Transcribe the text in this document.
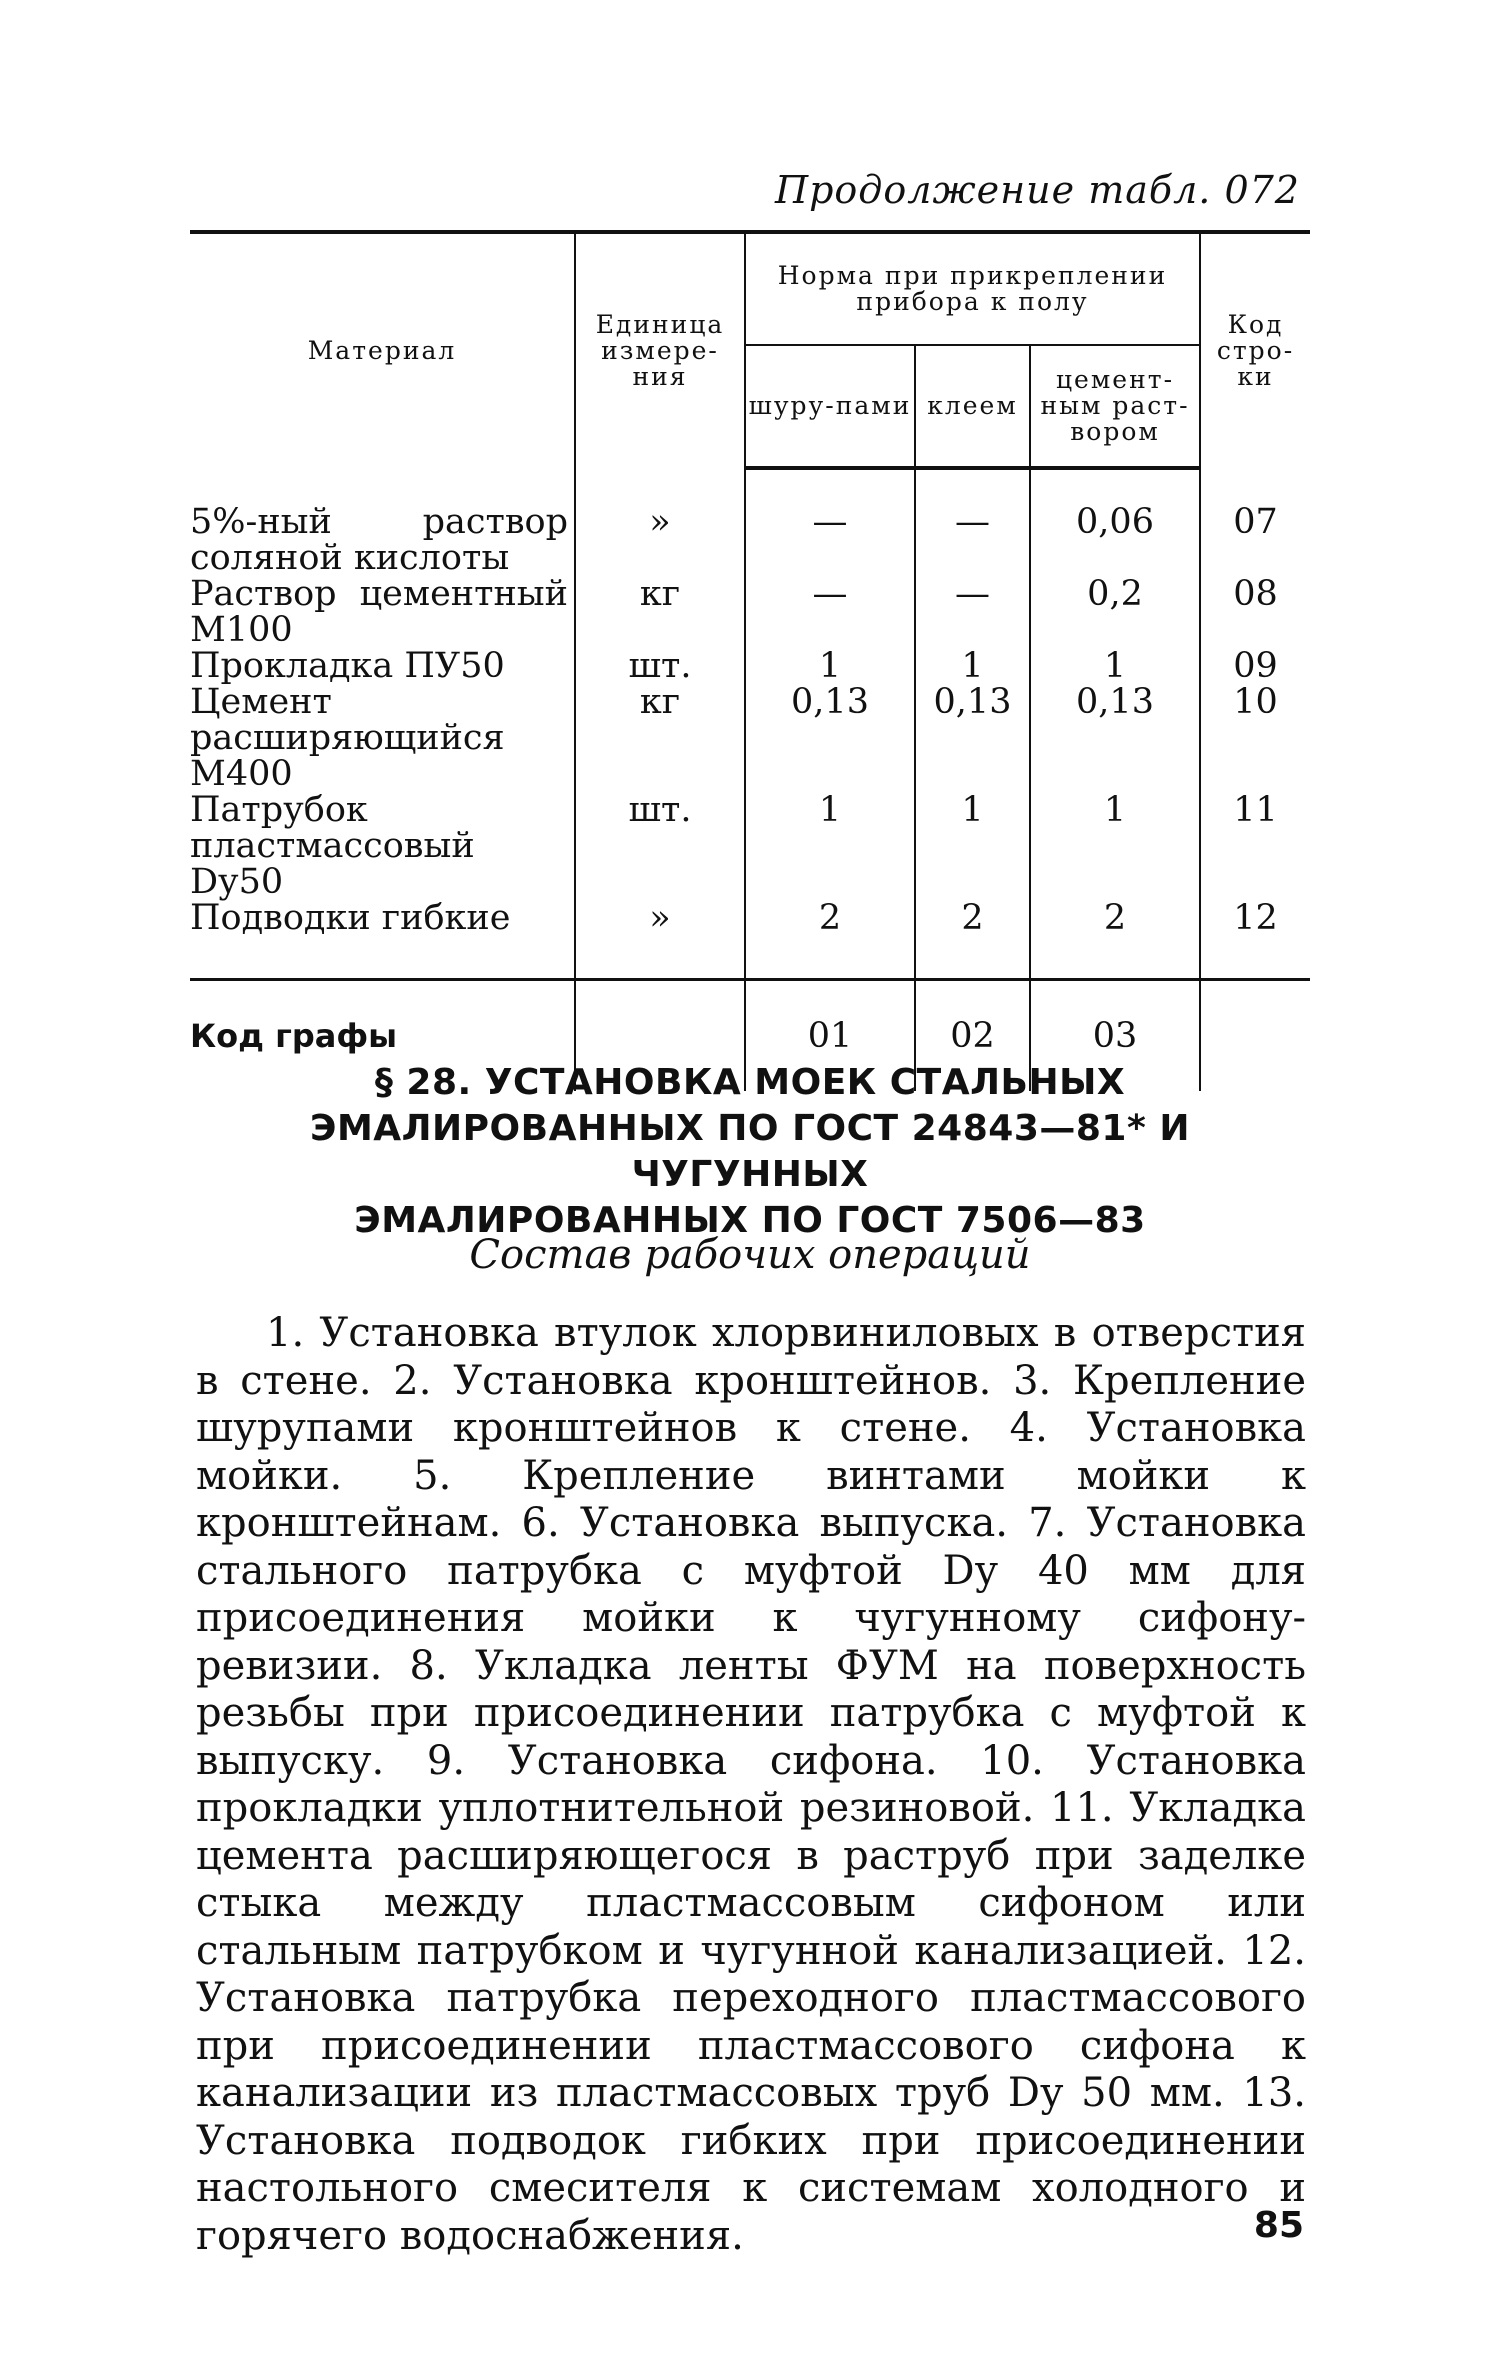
Продолжение табл. 072
Материал	Единица измере-ния	Норма при прикреплении прибора к полу			Код стро-ки
		шуру-пами	клеем	цемент-ным раст-вором	

5%-ный раствор соляной кислоты	»	—	—	0,06	07
Раствор цементный М100	кг	—	—	0,2	08
Прокладка ПУ50	шт.	1	1	1	09
Цемент расширяющийся М400	кг	0,13	0,13	0,13	10
Патрубок пластмассовый Dу50	шт.	1	1	1	11
Подводки гибкие	»	2	2	2	12

Код графы		01	02	03	
§ 28. УСТАНОВКА МОЕК СТАЛЬНЫХ
ЭМАЛИРОВАННЫХ ПО ГОСТ 24843—81* И ЧУГУННЫХ
ЭМАЛИРОВАННЫХ ПО ГОСТ 7506—83
Состав рабочих операций

1. Установка втулок хлорвиниловых в отверстия в стене. 2. Установка кронштейнов. 3. Крепление шурупами кронштейнов к стене. 4. Установка мойки. 5. Крепление винтами мойки к кронштейнам. 6. Установка выпуска. 7. Установка стального патрубка с муфтой Dу 40 мм для присоединения мойки к чугунному сифону-ревизии. 8. Укладка ленты ФУМ на поверхность резьбы при присоединении патрубка с муфтой к выпуску. 9. Установка сифона. 10. Установка прокладки уплотнительной резиновой. 11. Укладка цемента расширяющегося в раструб при заделке стыка между пластмассовым сифоном или стальным патрубком и чугунной канализацией. 12. Установка патрубка переходного пластмассового при присоединении пластмассового сифона к канализации из пластмассовых труб Dу 50 мм. 13. Установка подводок гибких при присоединении настольного смесителя к системам холодного и горячего водоснабжения.	85
